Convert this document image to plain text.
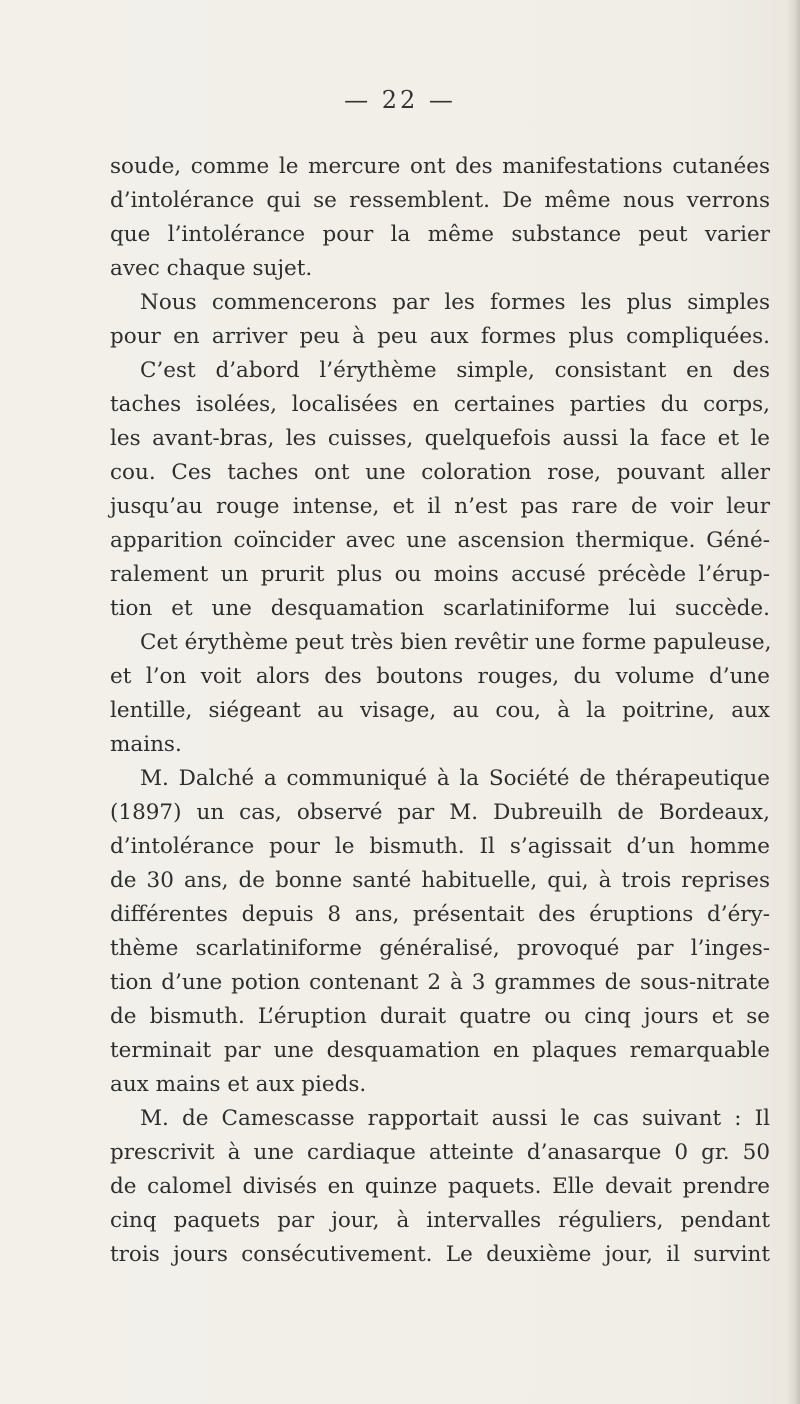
— 22 —
soude, comme le mercure ont des manifestations cutanées
d’intolérance qui se ressemblent. De même nous verrons
que l’intolérance pour la même substance peut varier
avec chaque sujet.
Nous commencerons par les formes les plus simples
pour en arriver peu à peu aux formes plus compliquées.
C’est d’abord l’érythème simple, consistant en des
taches isolées, localisées en certaines parties du corps,
les avant-bras, les cuisses, quelquefois aussi la face et le
cou. Ces taches ont une coloration rose, pouvant aller
jusqu’au rouge intense, et il n’est pas rare de voir leur
apparition coïncider avec une ascension thermique. Géné-
ralement un prurit plus ou moins accusé précède l’érup-
tion et une desquamation scarlatiniforme lui succède.
Cet érythème peut très bien revêtir une forme papuleuse,
et l’on voit alors des boutons rouges, du volume d’une
lentille, siégeant au visage, au cou, à la poitrine, aux
mains.
M. Dalché a communiqué à la Société de thérapeutique
(1897) un cas, observé par M. Dubreuilh de Bordeaux,
d’intolérance pour le bismuth. Il s’agissait d’un homme
de 30 ans, de bonne santé habituelle, qui, à trois reprises
différentes depuis 8 ans, présentait des éruptions d’éry-
thème scarlatiniforme généralisé, provoqué par l’inges-
tion d’une potion contenant 2 à 3 grammes de sous-nitrate
de bismuth. L’éruption durait quatre ou cinq jours et se
terminait par une desquamation en plaques remarquable
aux mains et aux pieds.
M. de Camescasse rapportait aussi le cas suivant : Il
prescrivit à une cardiaque atteinte d’anasarque 0 gr. 50
de calomel divisés en quinze paquets. Elle devait prendre
cinq paquets par jour, à intervalles réguliers, pendant
trois jours consécutivement. Le deuxième jour, il survint
